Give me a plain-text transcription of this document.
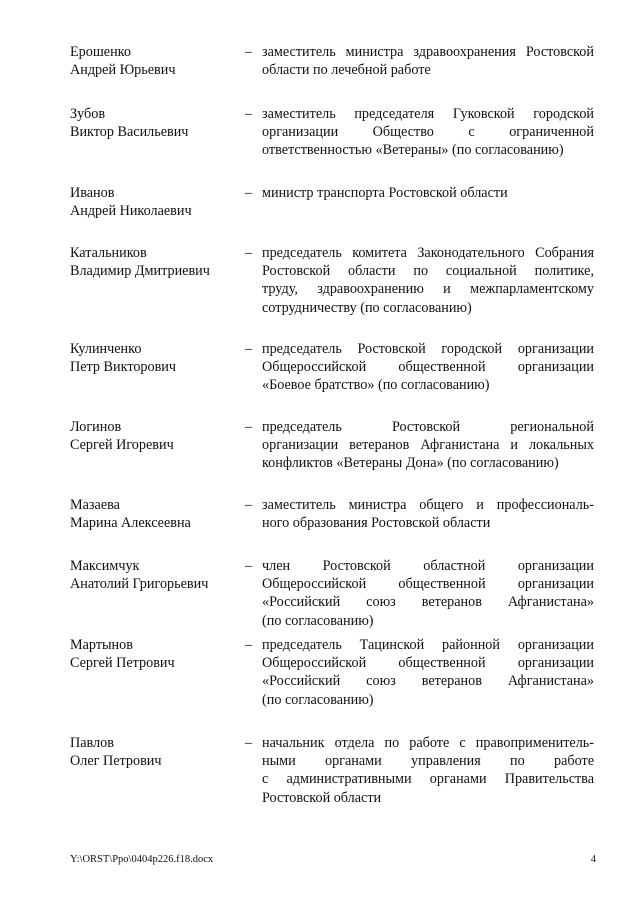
Ерошенко
Андрей Юрьевич
– заместитель министра здравоохранения Ростовской
области по лечебной работе
Зубов
Виктор Васильевич
– заместитель председателя Гуковской городской
организации Общество с ограниченной
ответственностью «Ветераны» (по согласованию)
Иванов
Андрей Николаевич
– министр транспорта Ростовской области
Катальников
Владимир Дмитриевич
– председатель комитета Законодательного Собрания
Ростовской области по социальной политике,
труду, здравоохранению и межпарламентскому
сотрудничеству (по согласованию)
Кулинченко
Петр Викторович
– председатель Ростовской городской организации
Общероссийской общественной организации
«Боевое братство» (по согласованию)
Логинов
Сергей Игоревич
– председатель Ростовской региональной
организации ветеранов Афганистана и локальных
конфликтов «Ветераны Дона» (по согласованию)
Мазаева
Марина Алексеевна
– заместитель министра общего и профессиональ-
ного образования Ростовской области
Максимчук
Анатолий Григорьевич
– член Ростовской областной организации
Общероссийской общественной организации
«Российский союз ветеранов Афганистана»
(по согласованию)
Мартынов
Сергей Петрович
– председатель Тацинской районной организации
Общероссийской общественной организации
«Российский союз ветеранов Афганистана»
(по согласованию)
Павлов
Олег Петрович
– начальник отдела по работе с правоприменитель-
ными органами управления по работе
с административными органами Правительства
Ростовской области
Y:\ORST\Ppo\0404p226.f18.docx	4
